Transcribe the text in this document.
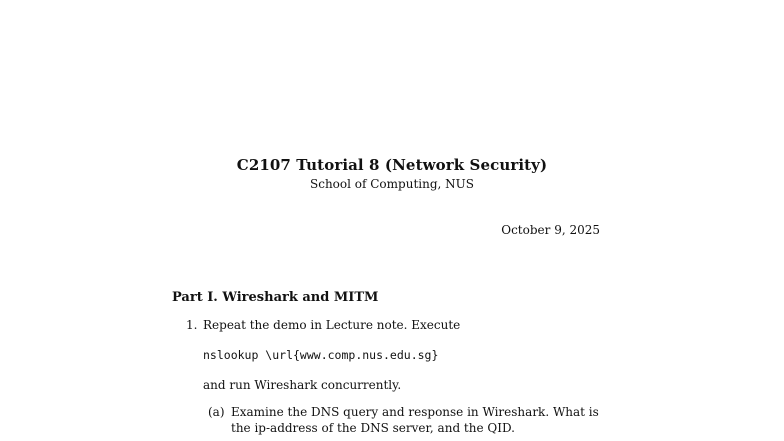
C2107 Tutorial 8 (Network Security)
School of Computing, NUS
October 9, 2025
Part I. Wireshark and MITM
1. Repeat the demo in Lecture note. Execute
nslookup \url{www.comp.nus.edu.sg}
and run Wireshark concurrently.
(a) Examine the DNS query and response in Wireshark. What is the ip-address of the DNS server, and the QID.
